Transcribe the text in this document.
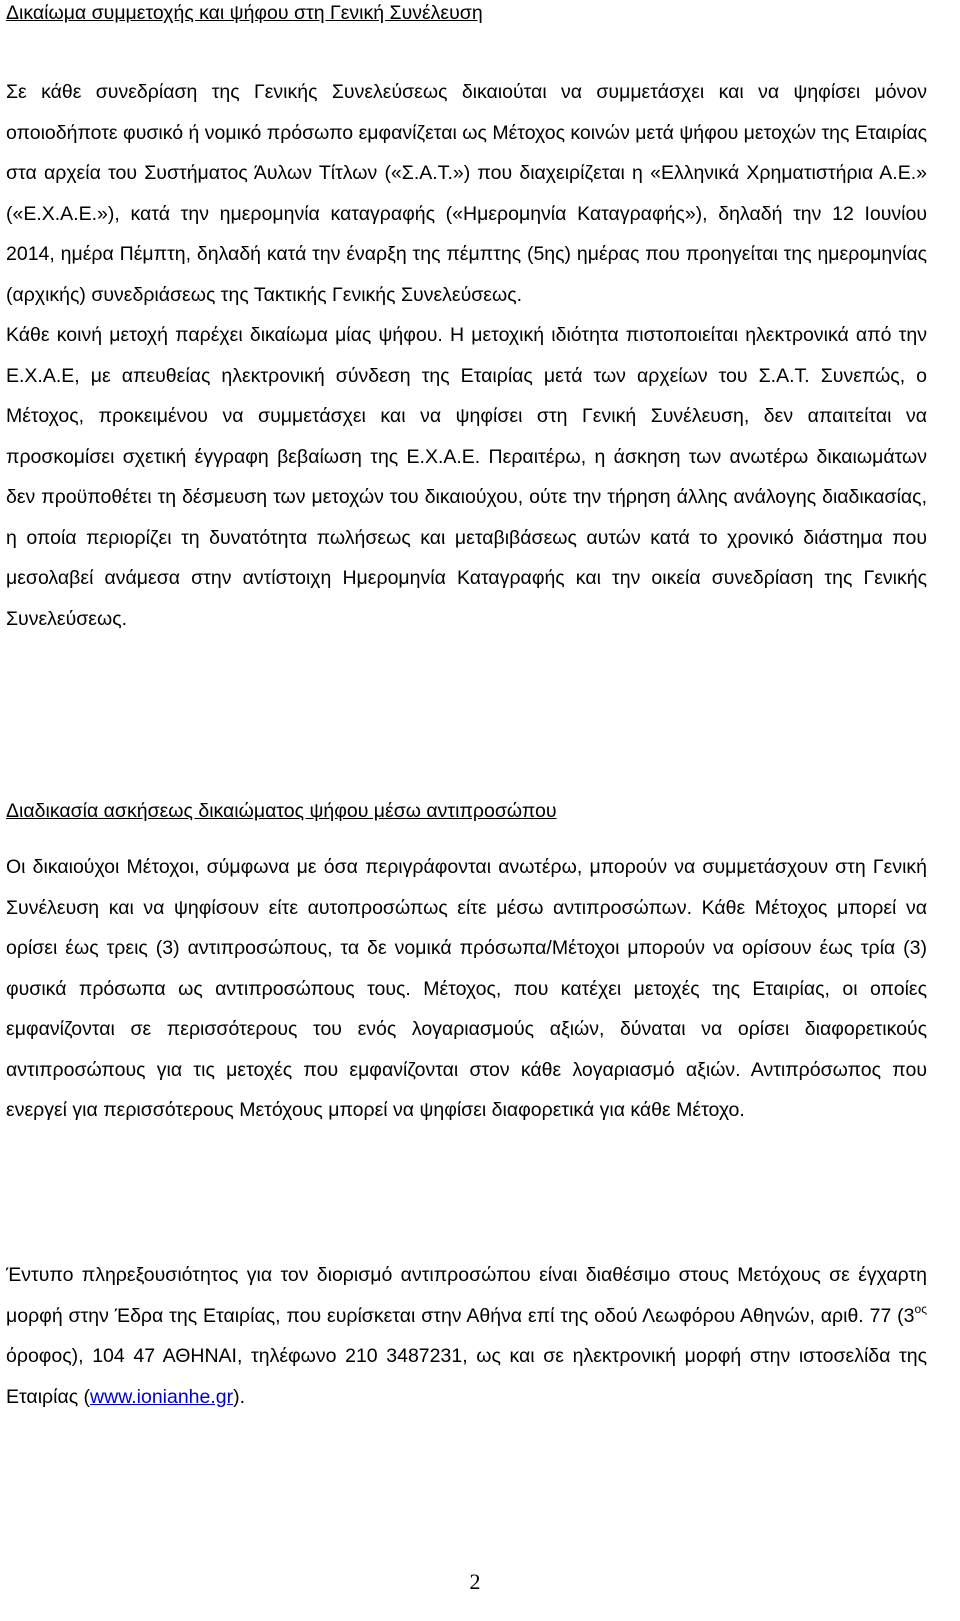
Δικαίωμα συμμετοχής και ψήφου στη Γενική Συνέλευση
Σε κάθε συνεδρίαση της Γενικής Συνελεύσεως δικαιούται να συμμετάσχει και να ψηφίσει μόνον οποιοδήποτε φυσικό ή νομικό πρόσωπο εμφανίζεται ως Μέτοχος κοινών μετά ψήφου μετοχών της Εταιρίας στα αρχεία του Συστήματος Άυλων Τίτλων («Σ.Α.Τ.») που διαχειρίζεται η «Ελληνικά Χρηματιστήρια Α.Ε.» («Ε.Χ.Α.Ε.»), κατά την ημερομηνία καταγραφής («Ημερομηνία Καταγραφής»), δηλαδή την 12 Ιουνίου 2014, ημέρα Πέμπτη, δηλαδή κατά την έναρξη της πέμπτης (5ης) ημέρας που προηγείται της ημερομηνίας (αρχικής) συνεδριάσεως της Τακτικής Γενικής Συνελεύσεως.
Κάθε κοινή μετοχή παρέχει δικαίωμα μίας ψήφου. Η μετοχική ιδιότητα πιστοποιείται ηλεκτρονικά από την Ε.Χ.Α.Ε, με απευθείας ηλεκτρονική σύνδεση της Εταιρίας μετά των αρχείων του Σ.Α.Τ. Συνεπώς, ο Μέτοχος, προκειμένου να συμμετάσχει και να ψηφίσει στη Γενική Συνέλευση, δεν απαιτείται να προσκομίσει σχετική έγγραφη βεβαίωση της Ε.Χ.Α.Ε. Περαιτέρω, η άσκηση των ανωτέρω δικαιωμάτων δεν προϋποθέτει τη δέσμευση των μετοχών του δικαιούχου, ούτε την τήρηση άλλης ανάλογης διαδικασίας, η οποία περιορίζει τη δυνατότητα πωλήσεως και μεταβιβάσεως αυτών κατά το χρονικό διάστημα που μεσολαβεί ανάμεσα στην αντίστοιχη Ημερομηνία Καταγραφής και την οικεία συνεδρίαση της Γενικής Συνελεύσεως.
Διαδικασία ασκήσεως δικαιώματος ψήφου μέσω αντιπροσώπου

Οι δικαιούχοι Μέτοχοι, σύμφωνα με όσα περιγράφονται ανωτέρω, μπορούν να συμμετάσχουν στη Γενική Συνέλευση και να ψηφίσουν είτε αυτοπροσώπως είτε μέσω αντιπροσώπων. Κάθε Μέτοχος μπορεί να ορίσει έως τρεις (3) αντιπροσώπους, τα δε νομικά πρόσωπα/Μέτοχοι μπορούν να ορίσουν έως τρία (3) φυσικά πρόσωπα ως αντιπροσώπους τους. Μέτοχος, που κατέχει μετοχές της Εταιρίας, οι οποίες εμφανίζονται σε περισσότερους του ενός λογαριασμούς αξιών, δύναται να ορίσει διαφορετικούς αντιπροσώπους για τις μετοχές που εμφανίζονται στον κάθε λογαριασμό αξιών. Αντιπρόσωπος που ενεργεί για περισσότερους Μετόχους μπορεί να ψηφίσει διαφορετικά για κάθε Μέτοχο.

Έντυπο πληρεξουσιότητος για τον διορισμό αντιπροσώπου είναι διαθέσιμο στους Μετόχους σε έγχαρτη μορφή στην Έδρα της Εταιρίας, που ευρίσκεται στην Αθήνα επί της οδού Λεωφόρου Αθηνών, αριθ. 77 ($3^{o\varsigma}$ όροφος), 104 47 ΑΘΗΝΑΙ, τηλέφωνο 210 3487231, ως και σε ηλεκτρονική μορφή στην ιστοσελίδα της Εταιρίας (www.ionianhe.gr).

2
